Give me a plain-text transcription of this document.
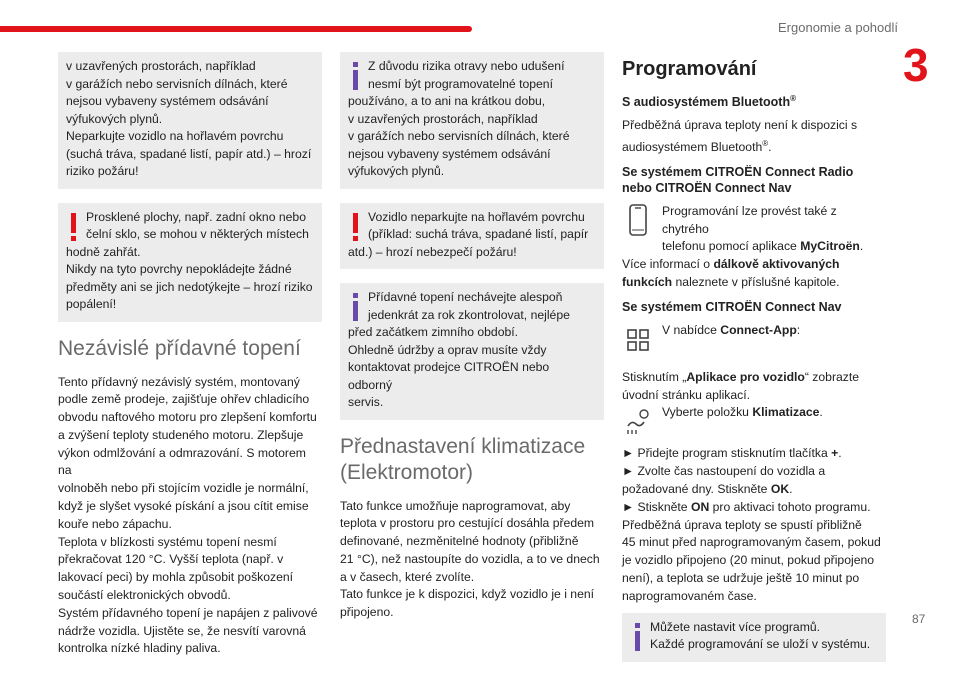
Ergonomie a pohodlí
3
87

v uzavřených prostorách, například

v garážích nebo servisních dílnách, které

nejsou vybaveny systémem odsávání

výfukových plynů.

Neparkujte vozidlo na hořlavém povrchu

(suchá tráva, spadané listí, papír atd.) – hrozí

riziko požáru!

Prosklené plochy, např. zadní okno nebo

čelní sklo, se mohou v některých místech

hodně zahřát.

Nikdy na tyto povrchy nepokládejte žádné

předměty ani se jich nedotýkejte – hrozí riziko

popálení!

Nezávislé přídavné topení
Tento přídavný nezávislý systém, montovaný
podle země prodeje, zajišťuje ohřev chladicího
obvodu naftového motoru pro zlepšení komfortu
a zvýšení teploty studeného motoru. Zlepšuje
výkon odmlžování a odmrazování. S motorem na
volnoběh nebo při stojícím vozidle je normální,
když je slyšet vysoké pískání a jsou cítit emise
kouře nebo zápachu.
Teplota v blízkosti systému topení nesmí
překračovat 120 °C. Vyšší teplota (např. v
lakovací peci) by mohla způsobit poškození
součástí elektronických obvodů.
Systém přídavného topení je napájen z palivové
nádrže vozidla. Ujistěte se, že nesvítí varovná
kontrolka nízké hladiny paliva.

Z důvodu rizika otravy nebo udušení

nesmí být programovatelné topení

používáno, a to ani na krátkou dobu,

v uzavřených prostorách, například

v garážích nebo servisních dílnách, které

nejsou vybaveny systémem odsávání

výfukových plynů.

Vozidlo neparkujte na hořlavém povrchu

(příklad: suchá tráva, spadané listí, papír

atd.) – hrozí nebezpečí požáru!

Přídavné topení nechávejte alespoň

jedenkrát za rok zkontrolovat, nejlépe

před začátkem zimního období.

Ohledně údržby a oprav musíte vždy

kontaktovat prodejce CITROËN nebo odborný

servis.

Přednastavení klimatizace
(Elektromotor)
Tato funkce umožňuje naprogramovat, aby
teplota v prostoru pro cestující dosáhla předem
definované, nezměnitelné hodnoty (přibližně
21 °C), než nastoupíte do vozidla, a to ve dnech
a v časech, které zvolíte.
Tato funkce je k dispozici, když vozidlo je i není
připojeno.
Programování
S audiosystémem Bluetooth®
Předběžná úprava teploty není k dispozici s
audiosystémem Bluetooth®.
Se systémem CITROËN Connect Radio
nebo CITROËN Connect Nav
Programování lze provést také z chytrého
telefonu pomocí aplikace MyCitroën.
Více informací o dálkově aktivovaných
funkcích naleznete v příslušné kapitole.
Se systémem CITROËN Connect Nav
V nabídce Connect-App:
Stisknutím „Aplikace pro vozidlo“ zobrazte
úvodní stránku aplikací.
Vyberte položku Klimatizace.
► Přidejte program stisknutím tlačítka +.
► Zvolte čas nastoupení do vozidla a
požadované dny. Stiskněte OK.
► Stiskněte ON pro aktivaci tohoto programu.
Předběžná úprava teploty se spustí přibližně
45 minut před naprogramovaným časem, pokud
je vozidlo připojeno (20 minut, pokud připojeno
není), a teplota se udržuje ještě 10 minut po
naprogramovaném čase.

Můžete nastavit více programů.

Každé programování se uloží v systému.
